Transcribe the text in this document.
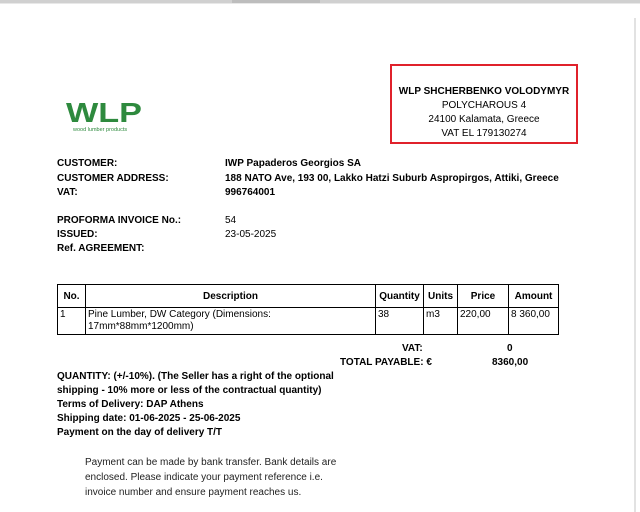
WLP SHCHERBENKO VOLODYMYR
POLYCHAROUS 4
24100 Kalamata, Greece
VAT EL 179130274
WLP
wood lumber products
CUSTOMER:	IWP Papaderos Georgios SA
CUSTOMER ADDRESS:	188 NATO Ave, 193 00, Lakko Hatzi Suburb Aspropirgos, Attiki, Greece
VAT:	996764001
PROFORMA INVOICE No.:	54
ISSUED:	23-05-2025
Ref. AGREEMENT:
No.	Description	Quantity	Units	Price	Amount
1	Pine Lumber, DW Category (Dimensions: 17mm*88mm*1200mm)	38	m3	220,00	8 360,00
VAT:	0
TOTAL PAYABLE: €	8360,00
QUANTITY: (+/-10%). (The Seller has a right of the optional shipping - 10% more or less of the contractual quantity)
Terms of Delivery: DAP Athens
Shipping date: 01-06-2025 - 25-06-2025
Payment on the day of delivery T/T
Payment can be made by bank transfer. Bank details are enclosed. Please indicate your payment reference i.e. invoice number and ensure payment reaches us.
